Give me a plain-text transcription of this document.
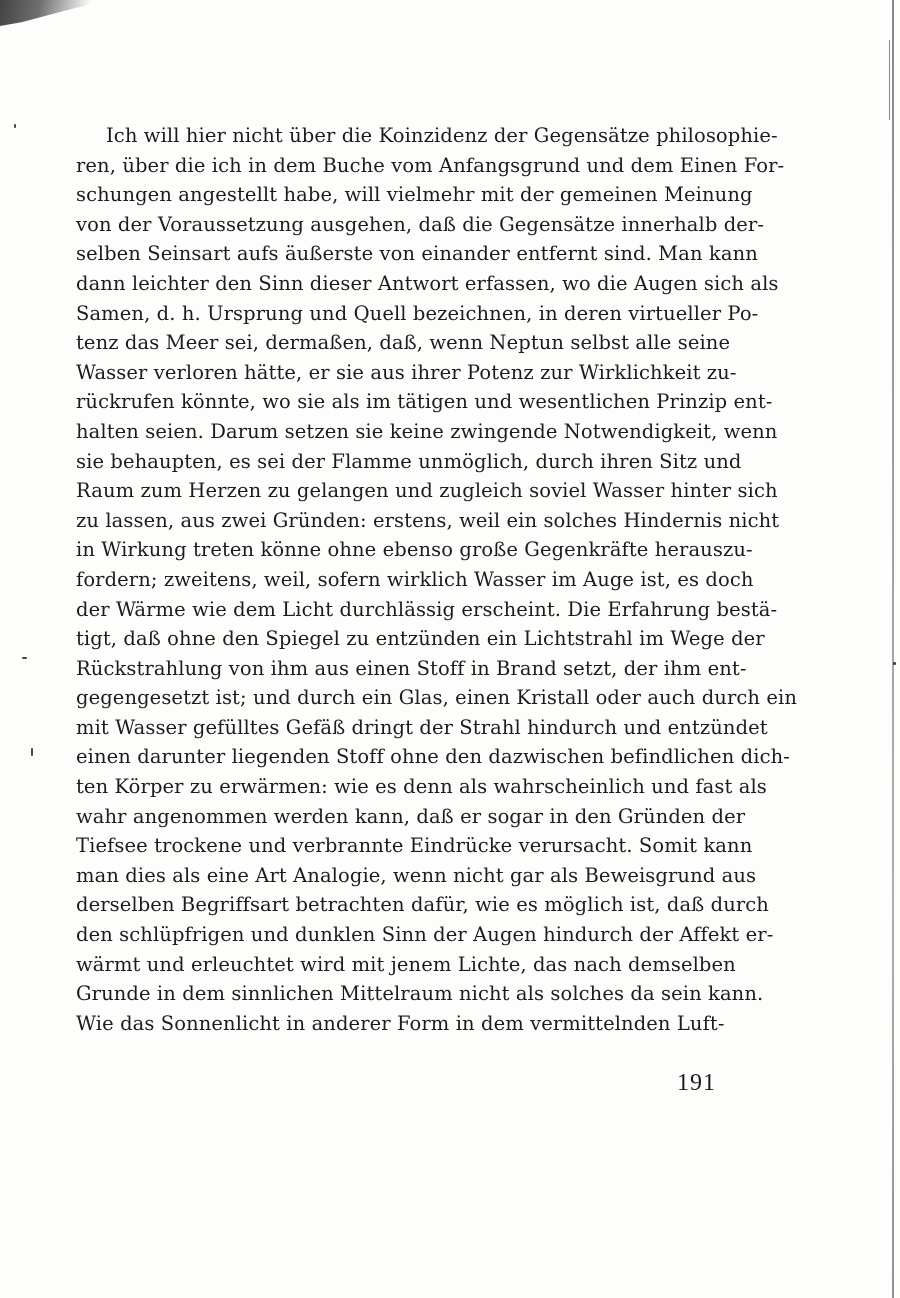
Ich will hier nicht über die Koinzidenz der Gegensätze philosophie-
ren, über die ich in dem Buche vom Anfangsgrund und dem Einen For-
schungen angestellt habe, will vielmehr mit der gemeinen Meinung
von der Voraussetzung ausgehen, daß die Gegensätze innerhalb der-
selben Seinsart aufs äußerste von einander entfernt sind. Man kann
dann leichter den Sinn dieser Antwort erfassen, wo die Augen sich als
Samen, d. h. Ursprung und Quell bezeichnen, in deren virtueller Po-
tenz das Meer sei, dermaßen, daß, wenn Neptun selbst alle seine
Wasser verloren hätte, er sie aus ihrer Potenz zur Wirklichkeit zu-
rückrufen könnte, wo sie als im tätigen und wesentlichen Prinzip ent-
halten seien. Darum setzen sie keine zwingende Notwendigkeit, wenn
sie behaupten, es sei der Flamme unmöglich, durch ihren Sitz und
Raum zum Herzen zu gelangen und zugleich soviel Wasser hinter sich
zu lassen, aus zwei Gründen: erstens, weil ein solches Hindernis nicht
in Wirkung treten könne ohne ebenso große Gegenkräfte herauszu-
fordern; zweitens, weil, sofern wirklich Wasser im Auge ist, es doch
der Wärme wie dem Licht durchlässig erscheint. Die Erfahrung bestä-
tigt, daß ohne den Spiegel zu entzünden ein Lichtstrahl im Wege der
Rückstrahlung von ihm aus einen Stoff in Brand setzt, der ihm ent-
gegengesetzt ist; und durch ein Glas, einen Kristall oder auch durch ein
mit Wasser gefülltes Gefäß dringt der Strahl hindurch und entzündet
einen darunter liegenden Stoff ohne den dazwischen befindlichen dich-
ten Körper zu erwärmen: wie es denn als wahrscheinlich und fast als
wahr angenommen werden kann, daß er sogar in den Gründen der
Tiefsee trockene und verbrannte Eindrücke verursacht. Somit kann
man dies als eine Art Analogie, wenn nicht gar als Beweisgrund aus
derselben Begriffsart betrachten dafür, wie es möglich ist, daß durch
den schlüpfrigen und dunklen Sinn der Augen hindurch der Affekt er-
wärmt und erleuchtet wird mit jenem Lichte, das nach demselben
Grunde in dem sinnlichen Mittelraum nicht als solches da sein kann.
Wie das Sonnenlicht in anderer Form in dem vermittelnden Luft-
191
